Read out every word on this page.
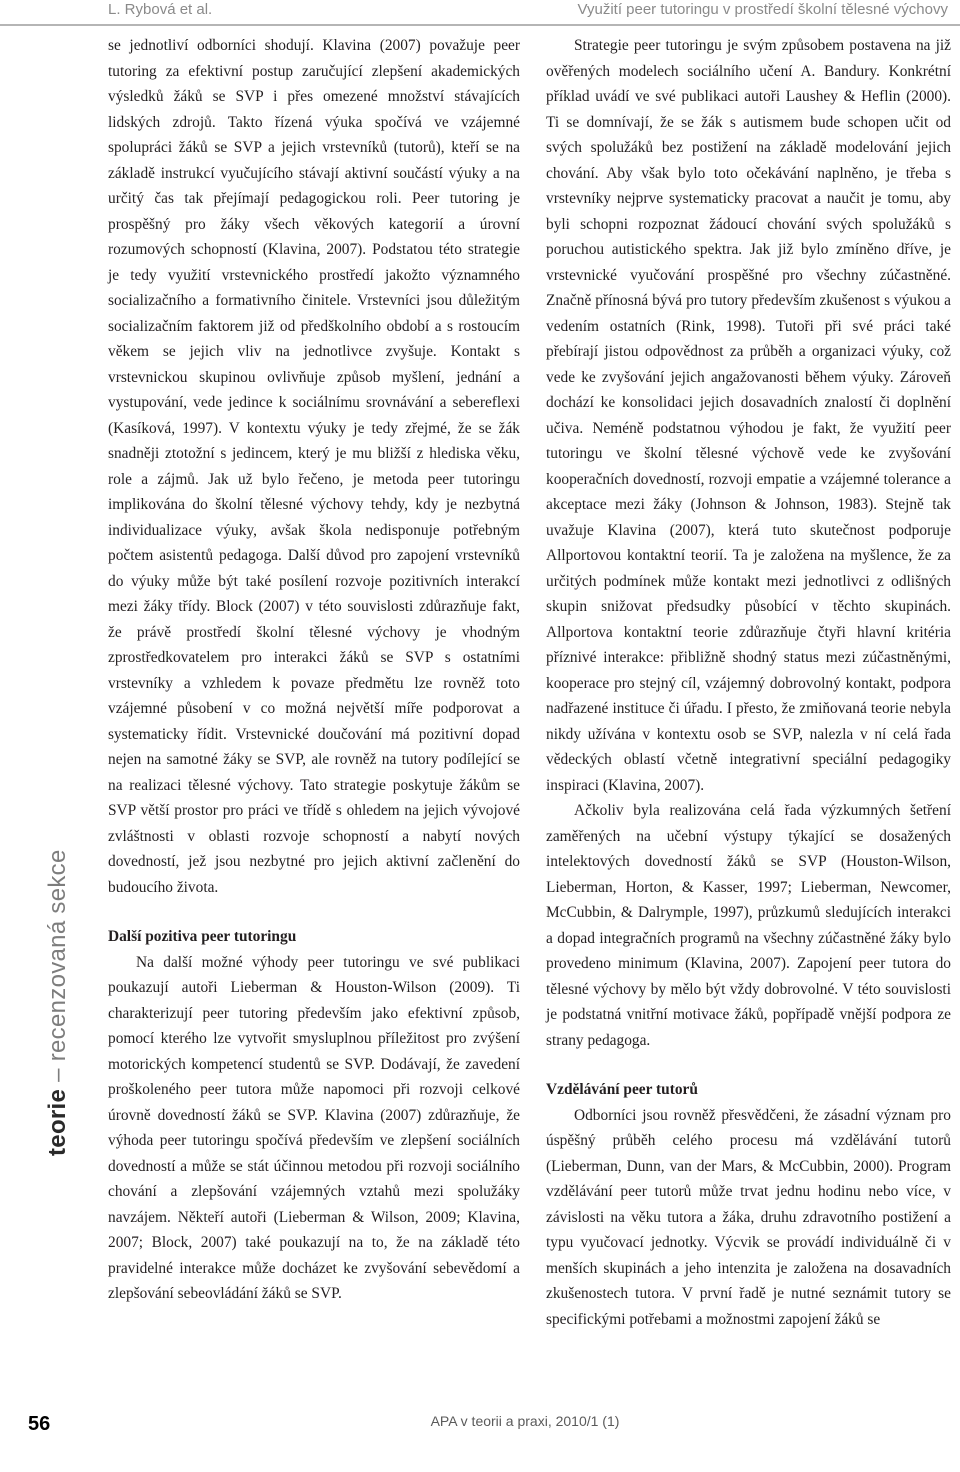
L. Rybová et al.	Využití peer tutoringu v prostředí školní tělesné výchovy
teorie – recenzovaná sekce
56

se jednotliví odborníci shodují. Klavina (2007) považuje peer tutoring za efektivní postup zaručující zlepšení akademických výsledků žáků se SVP i přes omezené množství stávajících lidských zdrojů. Takto řízená výuka spočívá ve vzájemné spolupráci žáků se SVP a jejich vrstevníků (tutorů), kteří se na základě instrukcí vyučujícího stávají aktivní součástí výuky a na určitý čas tak přejímají pedagogickou roli. Peer tutoring je prospěšný pro žáky všech věkových kategorií a úrovní rozumových schopností (Klavina, 2007). Podstatou této strategie je tedy využití vrstevnického prostředí jakožto významného socializačního a formativního činitele. Vrstevníci jsou důležitým socializačním faktorem již od předškolního období a s rostoucím věkem se jejich vliv na jednotlivce zvyšuje. Kontakt s vrstevnickou skupinou ovlivňuje způsob myšlení, jednání a vystupování, vede jedince k sociálnímu srovnávání a sebereflexi (Kasíková, 1997). V kontextu výuky je tedy zřejmé, že se žák snadněji ztotožní s jedincem, který je mu bližší z hlediska věku, role a zájmů. Jak už bylo řečeno, je metoda peer tutoringu implikována do školní tělesné výchovy tehdy, kdy je nezbytná individualizace výuky, avšak škola nedisponuje potřebným počtem asistentů pedagoga. Další důvod pro zapojení vrstevníků do výuky může být také posílení rozvoje pozitivních interakcí mezi žáky třídy. Block (2007) v této souvislosti zdůrazňuje fakt, že právě prostředí školní tělesné výchovy je vhodným zprostředkovatelem pro interakci žáků se SVP s ostatními vrstevníky a vzhledem k povaze předmětu lze rovněž toto vzájemné působení v co možná největší míře podporovat a systematicky řídit. Vrstevnické doučování má pozitivní dopad nejen na samotné žáky se SVP, ale rovněž na tutory podílející se na realizaci tělesné výchovy. Tato strategie poskytuje žákům se SVP větší prostor pro práci ve třídě s ohledem na jejich vývojové zvláštnosti v oblasti rozvoje schopností a nabytí nových dovedností, jež jsou nezbytné pro jejich aktivní začlenění do budoucího života.

Další pozitiva peer tutoringu

Na další možné výhody peer tutoringu ve své publikaci poukazují autoři Lieberman & Houston-Wilson (2009). Ti charakterizují peer tutoring především jako efektivní způsob, pomocí kterého lze vytvořit smysluplnou příležitost pro zvýšení motorických kompetencí studentů se SVP. Dodávají, že zavedení proškoleného peer tutora může napomoci při rozvoji celkové úrovně dovedností žáků se SVP. Klavina (2007) zdůrazňuje, že výhoda peer tutoringu spočívá především ve zlepšení sociálních dovedností a může se stát účinnou metodou při rozvoji sociálního chování a zlepšování vzájemných vztahů mezi spolužáky navzájem. Někteří autoři (Lieberman & Wilson, 2009; Klavina, 2007; Block, 2007) také poukazují na to, že na základě této pravidelné interakce může docházet ke zvyšování sebevědomí a zlepšování sebeovládání žáků se SVP.

Strategie peer tutoringu je svým způsobem postavena na již ověřených modelech sociálního učení A. Bandury. Konkrétní příklad uvádí ve své publikaci autoři Laushey & Heflin (2000). Ti se domnívají, že se žák s autismem bude schopen učit od svých spolužáků bez postižení na základě modelování jejich chování. Aby však bylo toto očekávání naplněno, je třeba s vrstevníky nejprve systematicky pracovat a naučit je tomu, aby byli schopni rozpoznat žádoucí chování svých spolužáků s poruchou autistického spektra. Jak již bylo zmíněno dříve, je vrstevnické vyučování prospěšné pro všechny zúčastněné. Značně přínosná bývá pro tutory především zkušenost s výukou a vedením ostatních (Rink, 1998). Tutoři při své práci také přebírají jistou odpovědnost za průběh a organizaci výuky, což vede ke zvyšování jejich angažovanosti během výuky. Zároveň dochází ke konsolidaci jejich dosavadních znalostí či doplnění učiva. Neméně podstatnou výhodou je fakt, že využití peer tutoringu ve školní tělesné výchově vede ke zvyšování kooperačních dovedností, rozvoji empatie a vzájemné tolerance a akceptace mezi žáky (Johnson & Johnson, 1983). Stejně tak uvažuje Klavina (2007), která tuto skutečnost podporuje Allportovou kontaktní teorií. Ta je založena na myšlence, že za určitých podmínek může kontakt mezi jednotlivci z odlišných skupin snižovat předsudky působící v těchto skupinách. Allportova kontaktní teorie zdůrazňuje čtyři hlavní kritéria příznivé interakce: přibližně shodný status mezi zúčastněnými, kooperace pro stejný cíl, vzájemný dobrovolný kontakt, podpora nadřazené instituce či úřadu. I přesto, že zmiňovaná teorie nebyla nikdy užívána v kontextu osob se SVP, nalezla v ní celá řada vědeckých oblastí včetně integrativní speciální pedagogiky inspiraci (Klavina, 2007).

Ačkoliv byla realizována celá řada výzkumných šetření zaměřených na učební výstupy týkající se dosažených intelektových dovedností žáků se SVP (Houston-Wilson, Lieberman, Horton, & Kasser, 1997; Lieberman, Newcomer, McCubbin, & Dalrymple, 1997), průzkumů sledujících interakci a dopad integračních programů na všechny zúčastněné žáky bylo provedeno minimum (Klavina, 2007). Zapojení peer tutora do tělesné výchovy by mělo být vždy dobrovolné. V této souvislosti je podstatná vnitřní motivace žáků, popřípadě vnější podpora ze strany pedagoga.

Vzdělávání peer tutorů

Odborníci jsou rovněž přesvědčeni, že zásadní význam pro úspěšný průběh celého procesu má vzdělávání tutorů (Lieberman, Dunn, van der Mars, & McCubbin, 2000). Program vzdělávání peer tutorů může trvat jednu hodinu nebo více, v závislosti na věku tutora a žáka, druhu zdravotního postižení a typu vyučovací jednotky. Výcvik se provádí individuálně či v menších skupinách a jeho intenzita je založena na dosavadních zkušenostech tutora. V první řadě je nutné seznámit tutory se specifickými potřebami a možnostmi zapojení žáků se

APA v teorii a praxi, 2010/1 (1)
